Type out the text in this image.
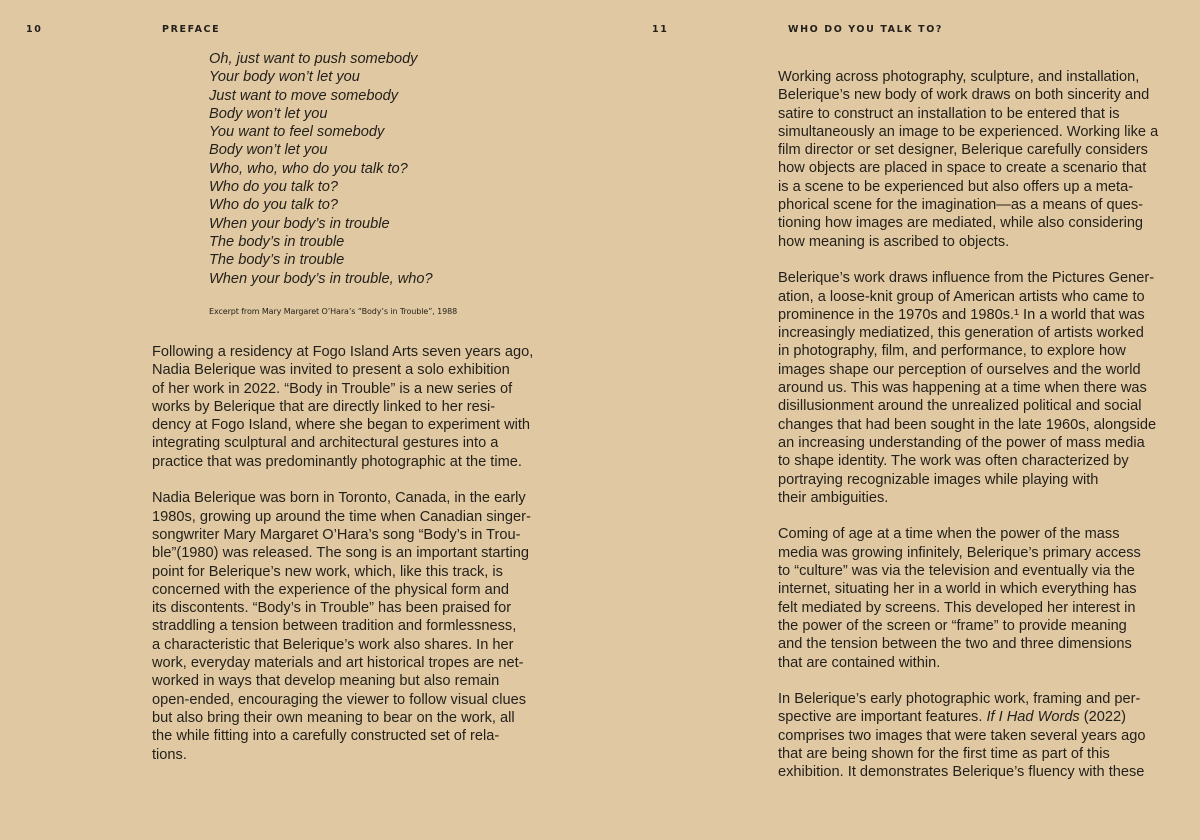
10	PREFACE	11	WHO DO YOU TALK TO?
Oh, just want to push somebody
Your body won’t let you
Just want to move somebody
Body won’t let you
You want to feel somebody
Body won’t let you
Who, who, who do you talk to?
Who do you talk to?
Who do you talk to?
When your body’s in trouble
The body’s in trouble
The body’s in trouble
When your body’s in trouble, who?
Excerpt from Mary Margaret O’Hara’s “Body’s in Trouble”, 1988

Following a residency at Fogo Island Arts seven years ago,
Nadia Belerique was invited to present a solo exhibition
of her work in 2022. “Body in Trouble” is a new series of
works by Belerique that are directly linked to her resi-
dency at Fogo Island, where she began to experiment with
integrating sculptural and architectural gestures into a
practice that was predominantly photographic at the time.

Nadia Belerique was born in Toronto, Canada, in the early
1980s, growing up around the time when Canadian singer-
songwriter Mary Margaret O’Hara’s song “Body’s in Trou-
ble”(1980) was released. The song is an important starting
point for Belerique’s new work, which, like this track, is
concerned with the experience of the physical form and
its discontents. “Body’s in Trouble” has been praised for
straddling a tension between tradition and formlessness,
a characteristic that Belerique’s work also shares. In her
work, everyday materials and art historical tropes are net-
worked in ways that develop meaning but also remain
open-ended, encouraging the viewer to follow visual clues
but also bring their own meaning to bear on the work, all
the while fitting into a carefully constructed set of rela-
tions.

Working across photography, sculpture, and installation,
Belerique’s new body of work draws on both sincerity and
satire to construct an installation to be entered that is
simultaneously an image to be experienced. Working like a
film director or set designer, Belerique carefully considers
how objects are placed in space to create a scenario that
is a scene to be experienced but also offers up a meta-
phorical scene for the imagination—as a means of ques-
tioning how images are mediated, while also considering
how meaning is ascribed to objects.

Belerique’s work draws influence from the Pictures Gener-
ation, a loose-knit group of American artists who came to
prominence in the 1970s and 1980s.¹ In a world that was
increasingly mediatized, this generation of artists worked
in photography, film, and performance, to explore how
images shape our perception of ourselves and the world
around us. This was happening at a time when there was
disillusionment around the unrealized political and social
changes that had been sought in the late 1960s, alongside
an increasing understanding of the power of mass media
to shape identity. The work was often characterized by
portraying recognizable images while playing with
their ambiguities.

Coming of age at a time when the power of the mass
media was growing infinitely, Belerique’s primary access
to “culture” was via the television and eventually via the
internet, situating her in a world in which everything has
felt mediated by screens. This developed her interest in
the power of the screen or “frame” to provide meaning
and the tension between the two and three dimensions
that are contained within.

In Belerique’s early photographic work, framing and per-
spective are important features. If I Had Words (2022)
comprises two images that were taken several years ago
that are being shown for the first time as part of this
exhibition. It demonstrates Belerique’s fluency with these
